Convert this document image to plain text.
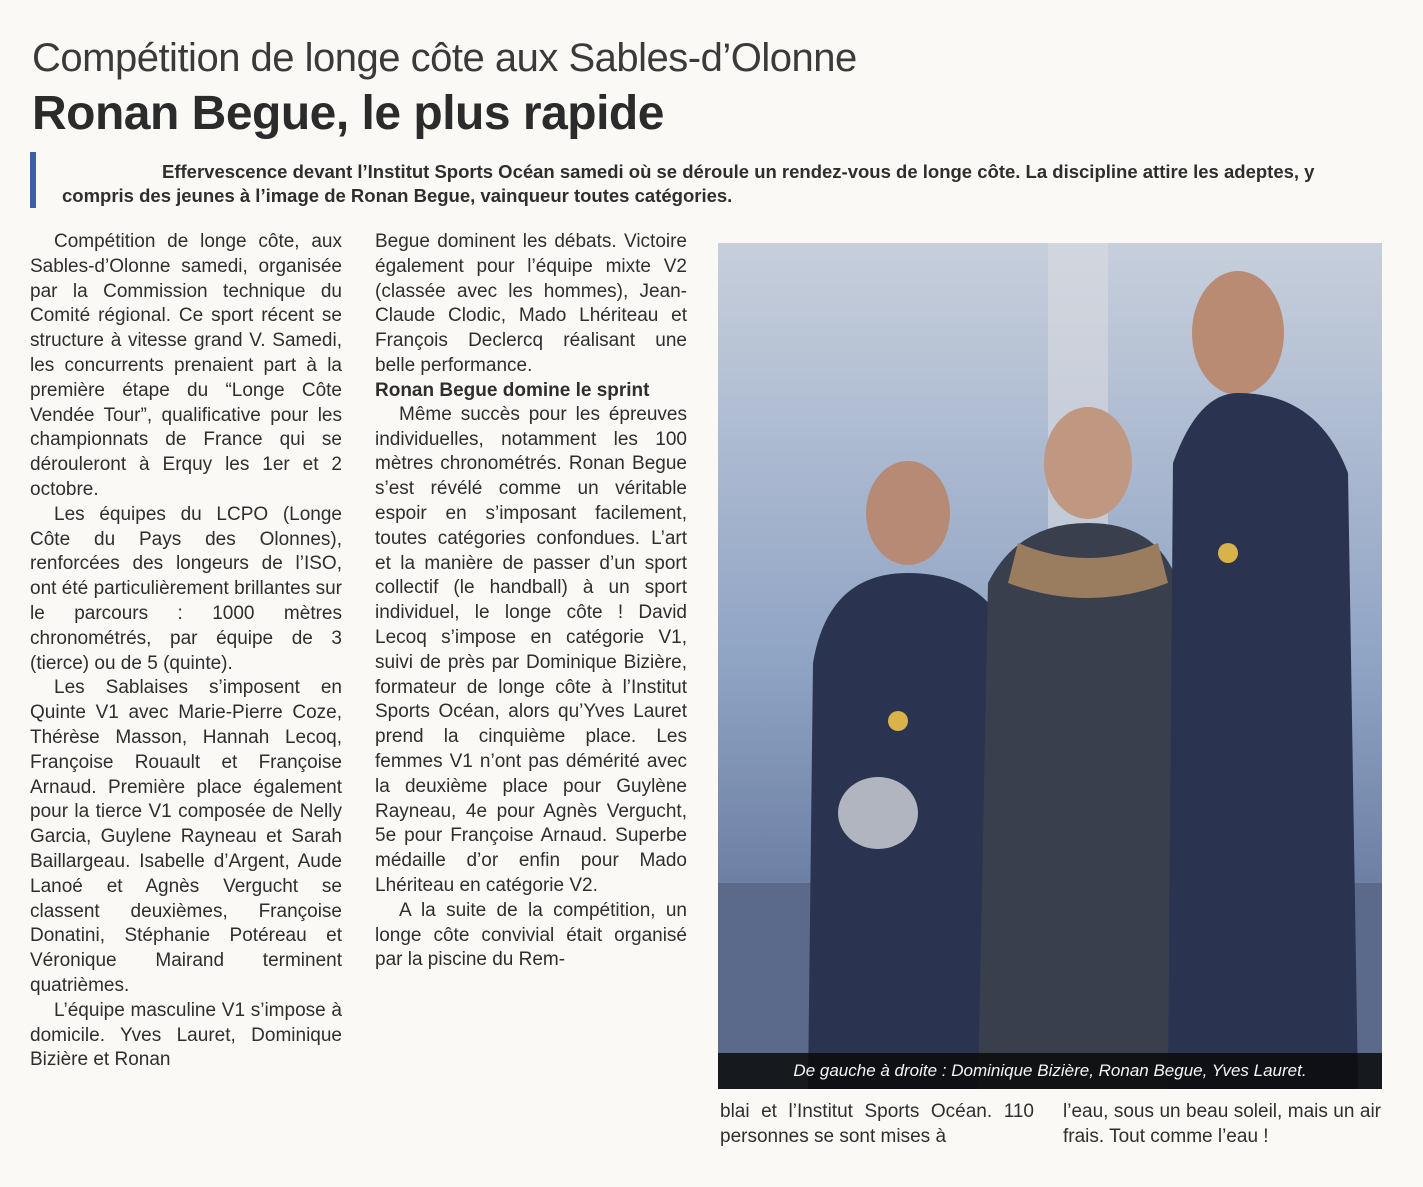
Compétition de longe côte aux Sables-d’Olonne
Ronan Begue, le plus rapide
Effervescence devant l’Institut Sports Océan samedi où se déroule un rendez-vous de longe côte. La discipline attire les adeptes, y compris des jeunes à l’image de Ronan Begue, vainqueur toutes catégories.

Compétition de longe côte, aux Sables-d’Olonne samedi, organisée par la Commission technique du Comité régional. Ce sport récent se structure à vitesse grand V. Samedi, les concurrents prenaient part à la première étape du “Longe Côte Vendée Tour”, qualificative pour les championnats de France qui se dérouleront à Erquy les 1er et 2 octobre.

Les équipes du LCPO (Longe Côte du Pays des Olonnes), renforcées des longeurs de l’ISO, ont été particulièrement brillantes sur le parcours : 1000 mètres chronométrés, par équipe de 3 (tierce) ou de 5 (quinte).

Les Sablaises s’imposent en Quinte V1 avec Marie-Pierre Coze, Thérèse Masson, Hannah Lecoq, Françoise Rouault et Françoise Arnaud. Première place également pour la tierce V1 composée de Nelly Garcia, Guylene Rayneau et Sarah Baillargeau. Isabelle d’Argent, Aude Lanoé et Agnès Vergucht se classent deuxièmes, Françoise Donatini, Stéphanie Potéreau et Véronique Mairand terminent quatrièmes.

L’équipe masculine V1 s’impose à domicile. Yves Lauret, Dominique Bizière et Ronan

Begue dominent les débats. Victoire également pour l’équipe mixte V2 (classée avec les hommes), Jean-Claude Clodic, Mado Lhériteau et François Declercq réalisant une belle performance.

Ronan Begue domine le sprint

Même succès pour les épreuves individuelles, notamment les 100 mètres chronométrés. Ronan Begue s’est révélé comme un véritable espoir en s’imposant facilement, toutes catégories confondues. L’art et la manière de passer d’un sport collectif (le handball) à un sport individuel, le longe côte ! David Lecoq s’impose en catégorie V1, suivi de près par Dominique Bizière, formateur de longe côte à l’Institut Sports Océan, alors qu’Yves Lauret prend la cinquième place. Les femmes V1 n’ont pas démérité avec la deuxième place pour Guylène Rayneau, 4e pour Agnès Vergucht, 5e pour Françoise Arnaud. Superbe médaille d’or enfin pour Mado Lhériteau en catégorie V2.

A la suite de la compétition, un longe côte convivial était organisé par la piscine du Rem-

De gauche à droite : Dominique Bizière, Ronan Begue, Yves Lauret.

blai et l’Institut Sports Océan. 110 personnes se sont mises à

l’eau, sous un beau soleil, mais un air frais. Tout comme l’eau !
